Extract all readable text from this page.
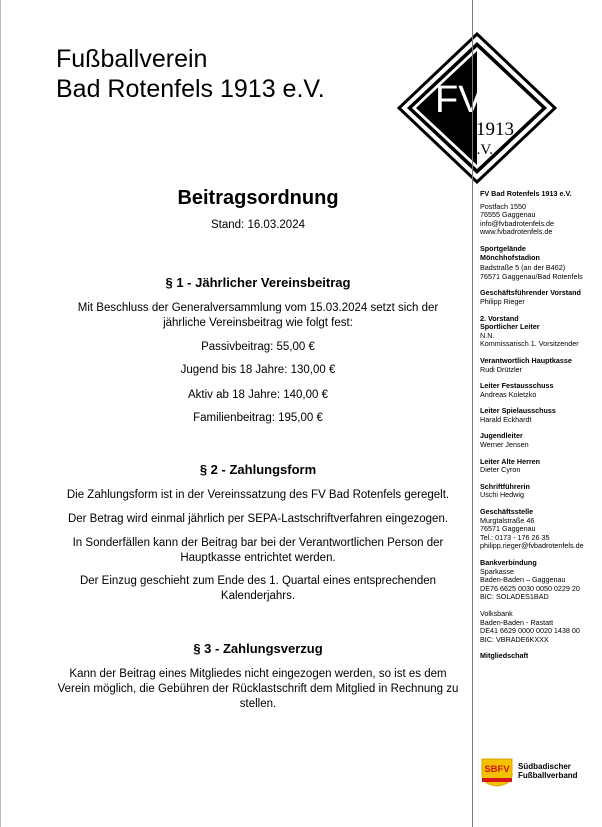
Fußballverein
Bad Rotenfels 1913 e.V.	FVR
1913
e.V.
Beitragsordnung
Stand: 16.03.2024
§ 1 - Jährlicher Vereinsbeitrag
Mit Beschluss der Generalversammlung vom 15.03.2024 setzt sich der jährliche Vereinsbeitrag wie folgt fest:
Passivbeitrag: 55,00 €
Jugend bis 18 Jahre: 130,00 €
Aktiv ab 18 Jahre: 140,00 €
Familienbeitrag: 195,00 €
§ 2 - Zahlungsform
Die Zahlungsform ist in der Vereinssatzung des FV Bad Rotenfels geregelt.
Der Betrag wird einmal jährlich per SEPA-Lastschriftverfahren eingezogen.
In Sonderfällen kann der Beitrag bar bei der Verantwortlichen Person der Hauptkasse entrichtet werden.
Der Einzug geschieht zum Ende des 1. Quartal eines entsprechenden Kalenderjahrs.
§ 3 - Zahlungsverzug
Kann der Beitrag eines Mitgliedes nicht eingezogen werden, so ist es dem Verein möglich, die Gebühren der Rücklastschrift dem Mitglied in Rechnung zu stellen.
FV Bad Rotenfels 1913 e.V.
Postfach 1550
76555 Gaggenau
info@fvbadrotenfels.de
www.fvbadrotenfels.de
Sportgelände
Mönchhofstadion
Badstraße 5 (an der B462)
76571 Gaggenau/Bad Rotenfels
Geschäftsführender Vorstand
Philipp Rieger
2. Vorstand
Sportlicher Leiter
N.N.
Kommissarisch 1. Vorsitzender
Verantwortlich Hauptkasse
Rudi Drützler
Leiter Festausschuss
Andreas Koletzko
Leiter Spielausschuss
Harald Eckhardt
Jugendleiter
Werner Jensen
Leiter Alte Herren
Dieter Cyron
Schriftführerin
Uschi Hedwig
Geschäftsstelle
Murgtalstraße 46
76571 Gaggenau
Tel.: 0173 - 176 26 35
philipp.rieger@fvbadrotenfels.de
Bankverbindung
Sparkasse
Baden-Baden – Gaggenau
DE76 6625 0030 0050 0229 20
BIC: SOLADES1BAD
Volksbank
Baden-Baden - Rastatt
DE41 6629 0000 0020 1438 00
BIC: VBRADE6KXXX
Mitgliedschaft
SBFV Südbadischer
Fußballverband
